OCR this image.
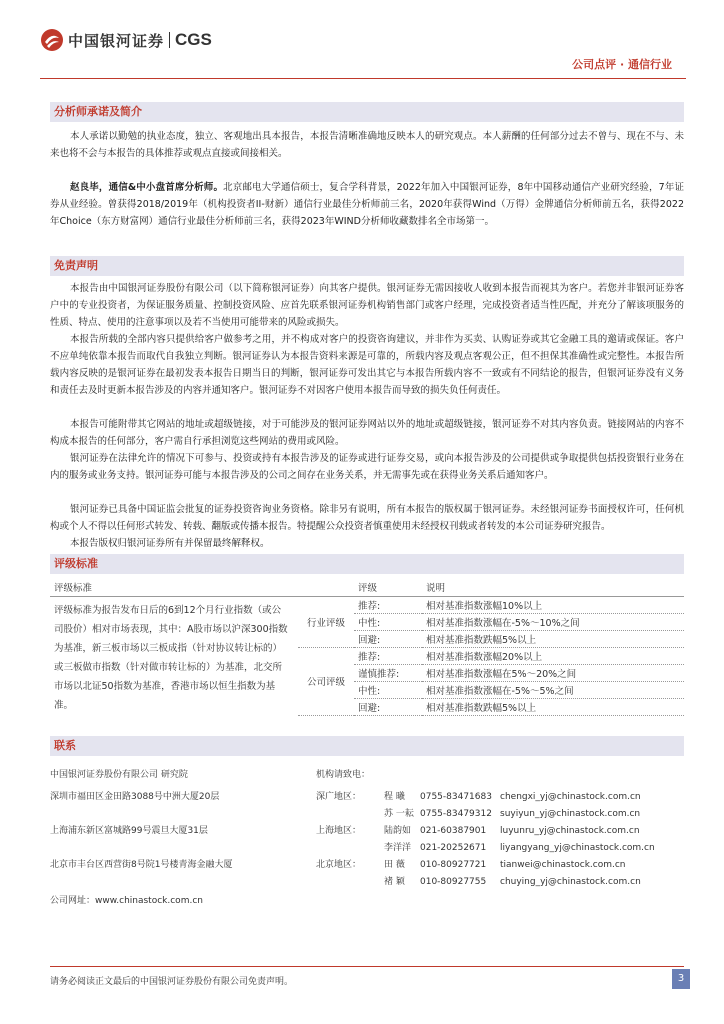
中国银河证券 CGS
公司点评 · 通信行业
分析师承诺及简介
本人承诺以勤勉的执业态度，独立、客观地出具本报告，本报告清晰准确地反映本人的研究观点。本人薪酬的任何部分过去不曾与、现在不与、未来也将不会与本报告的具体推荐或观点直接或间接相关。
赵良毕，通信&中小盘首席分析师。北京邮电大学通信硕士，复合学科背景，2022年加入中国银河证券，8年中国移动通信产业研究经验，7年证券从业经验。曾获得2018/2019年（机构投资者II-财新）通信行业最佳分析师前三名，2020年获得Wind（万得）金牌通信分析师前五名，获得2022年Choice（东方财富网）通信行业最佳分析师前三名，获得2023年WIND分析师收藏数排名全市场第一。
免责声明
本报告由中国银河证券股份有限公司（以下简称银河证券）向其客户提供。银河证券无需因接收人收到本报告而视其为客户。若您并非银河证券客户中的专业投资者，为保证服务质量、控制投资风险、应首先联系银河证券机构销售部门或客户经理，完成投资者适当性匹配，并充分了解该项服务的性质、特点、使用的注意事项以及若不当使用可能带来的风险或损失。
本报告所载的全部内容只提供给客户做参考之用，并不构成对客户的投资咨询建议，并非作为买卖、认购证券或其它金融工具的邀请或保证。客户不应单纯依靠本报告而取代自我独立判断。银河证券认为本报告资料来源是可靠的，所载内容及观点客观公正，但不担保其准确性或完整性。本报告所载内容反映的是银河证券在最初发表本报告日期当日的判断，银河证券可发出其它与本报告所载内容不一致或有不同结论的报告，但银河证券没有义务和责任去及时更新本报告涉及的内容并通知客户。银河证券不对因客户使用本报告而导致的损失负任何责任。
本报告可能附带其它网站的地址或超级链接，对于可能涉及的银河证券网站以外的地址或超级链接，银河证券不对其内容负责。链接网站的内容不构成本报告的任何部分，客户需自行承担浏览这些网站的费用或风险。
银河证券在法律允许的情况下可参与、投资或持有本报告涉及的证券或进行证券交易，或向本报告涉及的公司提供或争取提供包括投资银行业务在内的服务或业务支持。银河证券可能与本报告涉及的公司之间存在业务关系，并无需事先或在获得业务关系后通知客户。
银河证券已具备中国证监会批复的证券投资咨询业务资格。除非另有说明，所有本报告的版权属于银河证券。未经银河证券书面授权许可，任何机构或个人不得以任何形式转发、转载、翻版或传播本报告。特提醒公众投资者慎重使用未经授权刊载或者转发的本公司证券研究报告。
本报告版权归银河证券所有并保留最终解释权。
评级标准
评级标准		评级	说明
评级标准为报告发布日后的6到12个月行业指数（或公司股价）相对市场表现，其中：A股市场以沪深300指数为基准，新三板市场以三板成指（针对协议转让标的）或三板做市指数（针对做市转让标的）为基准，北交所市场以北证50指数为基准，香港市场以恒生指数为基准。	行业评级	推荐:	相对基准指数涨幅10%以上
		中性:	相对基准指数涨幅在-5%～10%之间
		回避:	相对基准指数跌幅5%以上
	公司评级	推荐:	相对基准指数涨幅20%以上
		谨慎推荐:	相对基准指数涨幅在5%～20%之间
		中性:	相对基准指数涨幅在-5%～5%之间
		回避:	相对基准指数跌幅5%以上
联系
中国银河证券股份有限公司 研究院	机构请致电：
深圳市福田区金田路3088号中洲大厦20层	深广地区：	程 曦 0755-83471683 chengxi_yj@chinastock.com.cn
苏 一耘 0755-83479312 suyiyun_yj@chinastock.com.cn
上海浦东新区富城路99号震旦大厦31层	上海地区：	陆韵如 021-60387901 luyunru_yj@chinastock.com.cn
李洋洋 021-20252671 liyangyang_yj@chinastock.com.cn
北京市丰台区西营街8号院1号楼青海金融大厦	北京地区：	田 薇 010-80927721 tianwei@chinastock.com.cn
褚 颖 010-80927755 chuying_yj@chinastock.com.cn
公司网址：www.chinastock.com.cn
请务必阅读正文最后的中国银河证券股份有限公司免责声明。	3
